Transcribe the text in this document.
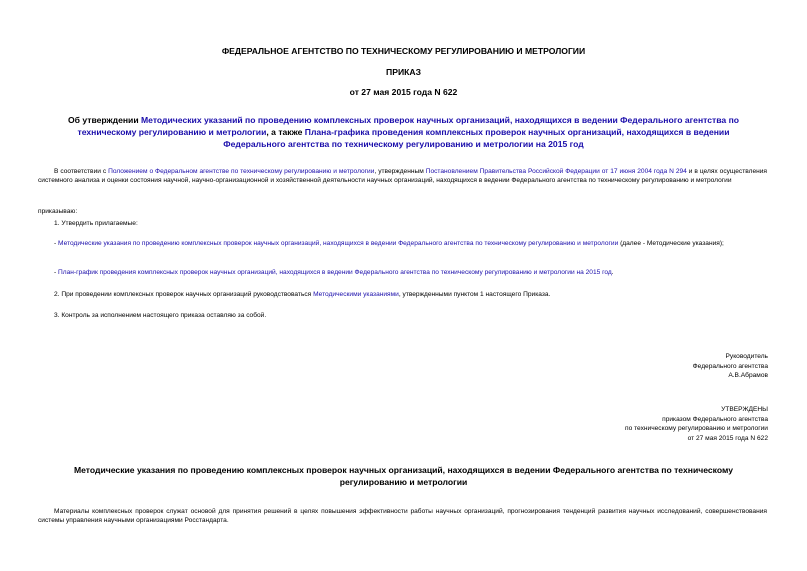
ФЕДЕРАЛЬНОЕ АГЕНТСТВО ПО ТЕХНИЧЕСКОМУ РЕГУЛИРОВАНИЮ И МЕТРОЛОГИИ
ПРИКАЗ
от 27 мая 2015 года N 622
Об утверждении Методических указаний по проведению комплексных проверок научных организаций, находящихся в ведении Федерального агентства по техническому регулированию и метрологии, а также Плана-графика проведения комплексных проверок научных организаций, находящихся в ведении Федерального агентства по техническому регулированию и метрологии на 2015 год

В соответствии с Положением о Федеральном агентстве по техническому регулированию и метрологии, утвержденным Постановлением Правительства Российской Федерации от 17 июня 2004 года N 294 и в целях осуществления системного анализа и оценки состояния научной, научно-организационной и хозяйственной деятельности научных организаций, находящихся в ведении Федерального агентства по техническому регулированию и метрологии

приказываю:

1. Утвердить прилагаемые:

- Методические указания по проведению комплексных проверок научных организаций, находящихся в ведении Федерального агентства по техническому регулированию и метрологии (далее - Методические указания);

- План-график проведения комплексных проверок научных организаций, находящихся в ведении Федерального агентства по техническому регулированию и метрологии на 2015 год.

2. При проведении комплексных проверок научных организаций руководствоваться Методическими указаниями, утвержденными пунктом 1 настоящего Приказа.

3. Контроль за исполнением настоящего приказа оставляю за собой.

Руководитель
Федерального агентства
А.В.Абрамов
УТВЕРЖДЕНЫ
приказом Федерального агентства
по техническому регулированию и метрологии
от 27 мая 2015 года N 622
Методические указания по проведению комплексных проверок научных организаций, находящихся в ведении Федерального агентства по техническому регулированию и метрологии

Материалы комплексных проверок служат основой для принятия решений в целях повышения эффективности работы научных организаций, прогнозирования тенденций развития научных исследований, совершенствования системы управления научными организациями Росстандарта.
